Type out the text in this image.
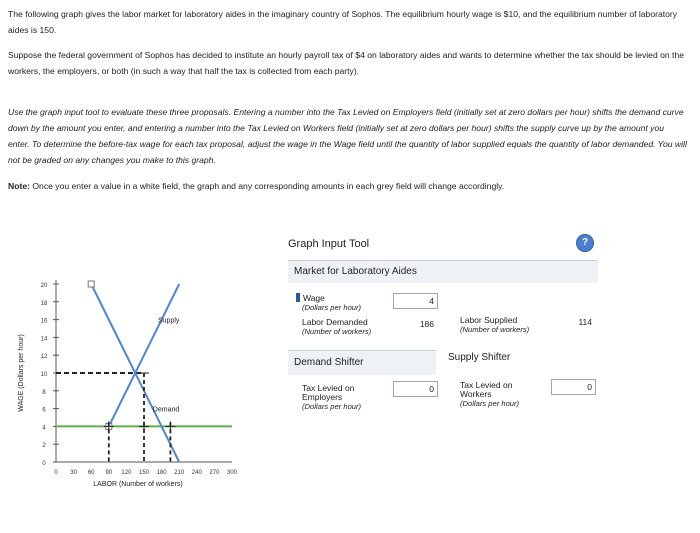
The following graph gives the labor market for laboratory aides in the imaginary country of Sophos. The equilibrium hourly wage is $10, and the equilibrium number of laboratory aides is 150.
Suppose the federal government of Sophos has decided to institute an hourly payroll tax of $4 on laboratory aides and wants to determine whether the tax should be levied on the workers, the employers, or both (in such a way that half the tax is collected from each party).
Use the graph input tool to evaluate these three proposals. Entering a number into the Tax Levied on Employers field (initially set at zero dollars per hour) shifts the demand curve down by the amount you enter, and entering a number into the Tax Levied on Workers field (initially set at zero dollars per hour) shifts the supply curve up by the amount you enter. To determine the before-tax wage for each tax proposal, adjust the wage in the Wage field until the quantity of labor supplied equals the quantity of labor demanded. You will not be graded on any changes you make to this graph.
Note: Once you enter a value in a white field, the graph and any corresponding amounts in each grey field will change accordingly.
0
2
4
6
8
10
12
14
16
18
20
0 30 60 90 120 150 180 210 240 270 300
LABOR (Number of workers)
WAGE (Dollars per hour)
Supply
Demand
Graph Input Tool	?
Market for Laboratory Aides
Wage
(Dollars per hour)
4
Labor Demanded
(Number of workers)
186	Labor Supplied
(Number of workers)
114
Demand Shifter	Supply Shifter
Tax Levied on
Employers
(Dollars per hour)
0	Tax Levied on
Workers
(Dollars per hour)
0
